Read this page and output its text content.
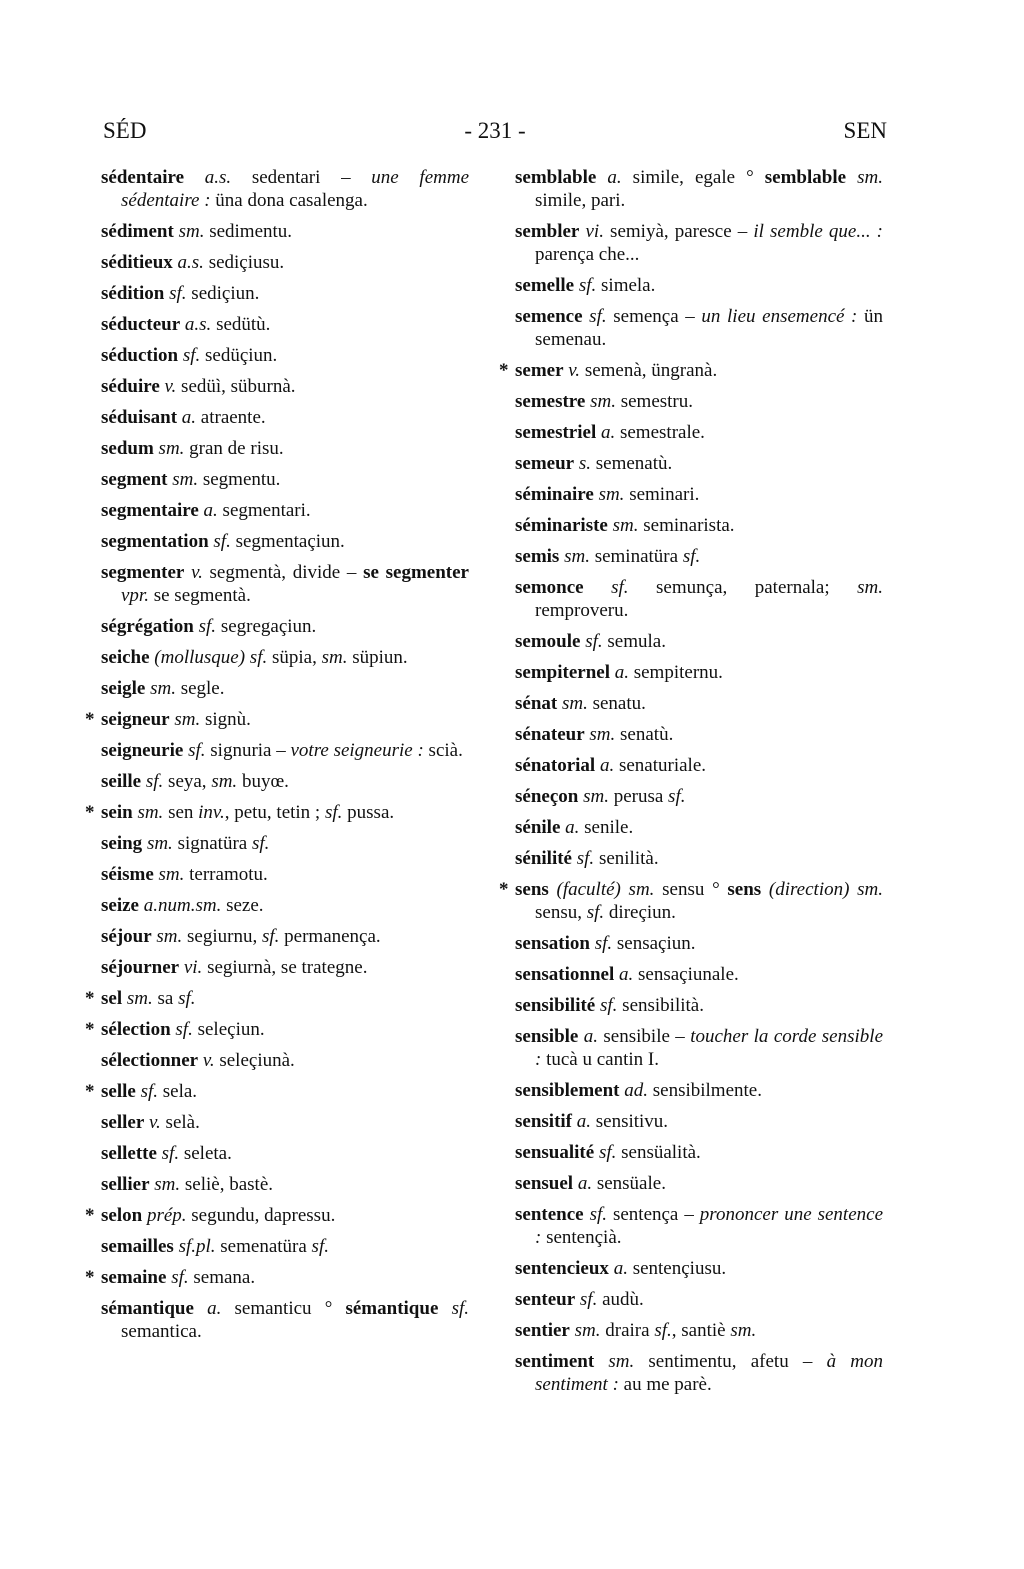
SÉD	- 231 -	SEN
sédentaire a.s. sedentari – une femme sédentaire : üna dona casalenga.
sédiment sm. sedimentu.
séditieux a.s. sediçiusu.
sédition sf. sediçiun.
séducteur a.s. sedütù.
séduction sf. sedüçiun.
séduire v. sedüì, süburnà.
séduisant a. atraente.
sedum sm. gran de risu.
segment sm. segmentu.
segmentaire a. segmentari.
segmentation sf. segmentaçiun.
segmenter v. segmentà, divide – se segmenter vpr. se segmentà.
ségrégation sf. segregaçiun.
seiche (mollusque) sf. süpia, sm. süpiun.
seigle sm. segle.
* seigneur sm. signù.
seigneurie sf. signuria – votre seigneurie : scià.
seille sf. seya, sm. buyœ.
* sein sm. sen inv., petu, tetin ; sf. pussa.
seing sm. signatüra sf.
séisme sm. terramotu.
seize a.num.sm. seze.
séjour sm. segiurnu, sf. permanença.
séjourner vi. segiurnà, se trategne.
* sel sm. sa sf.
* sélection sf. seleçiun.
sélectionner v. seleçiunà.
* selle sf. sela.
seller v. selà.
sellette sf. seleta.
sellier sm. seliè, bastè.
* selon prép. segundu, dapressu.
semailles sf.pl. semenatüra sf.
* semaine sf. semana.
sémantique a. semanticu ° sémantique sf. semantica.
semblable a. simile, egale ° semblable sm. simile, pari.
sembler vi. semiyà, paresce – il semble que... : parença che...
semelle sf. simela.
semence sf. semença – un lieu ensemencé : ün semenau.
* semer v. semenà, üngranà.
semestre sm. semestru.
semestriel a. semestrale.
semeur s. semenatù.
séminaire sm. seminari.
séminariste sm. seminarista.
semis sm. seminatüra sf.
semonce sf. semunça, paternala; sm. remproveru.
semoule sf. semula.
sempiternel a. sempiternu.
sénat sm. senatu.
sénateur sm. senatù.
sénatorial a. senaturiale.
séneçon sm. perusa sf.
sénile a. senile.
sénilité sf. senilità.
* sens (faculté) sm. sensu ° sens (direction) sm. sensu, sf. direçiun.
sensation sf. sensaçiun.
sensationnel a. sensaçiunale.
sensibilité sf. sensibilità.
sensible a. sensibile – toucher la corde sensible : tucà u cantin I.
sensiblement ad. sensibilmente.
sensitif a. sensitivu.
sensualité sf. sensüalità.
sensuel a. sensüale.
sentence sf. sentença – prononcer une sentence : sentençià.
sentencieux a. sentençiusu.
senteur sf. audù.
sentier sm. draira sf., santiè sm.
sentiment sm. sentimentu, afetu – à mon sentiment : au me parè.
